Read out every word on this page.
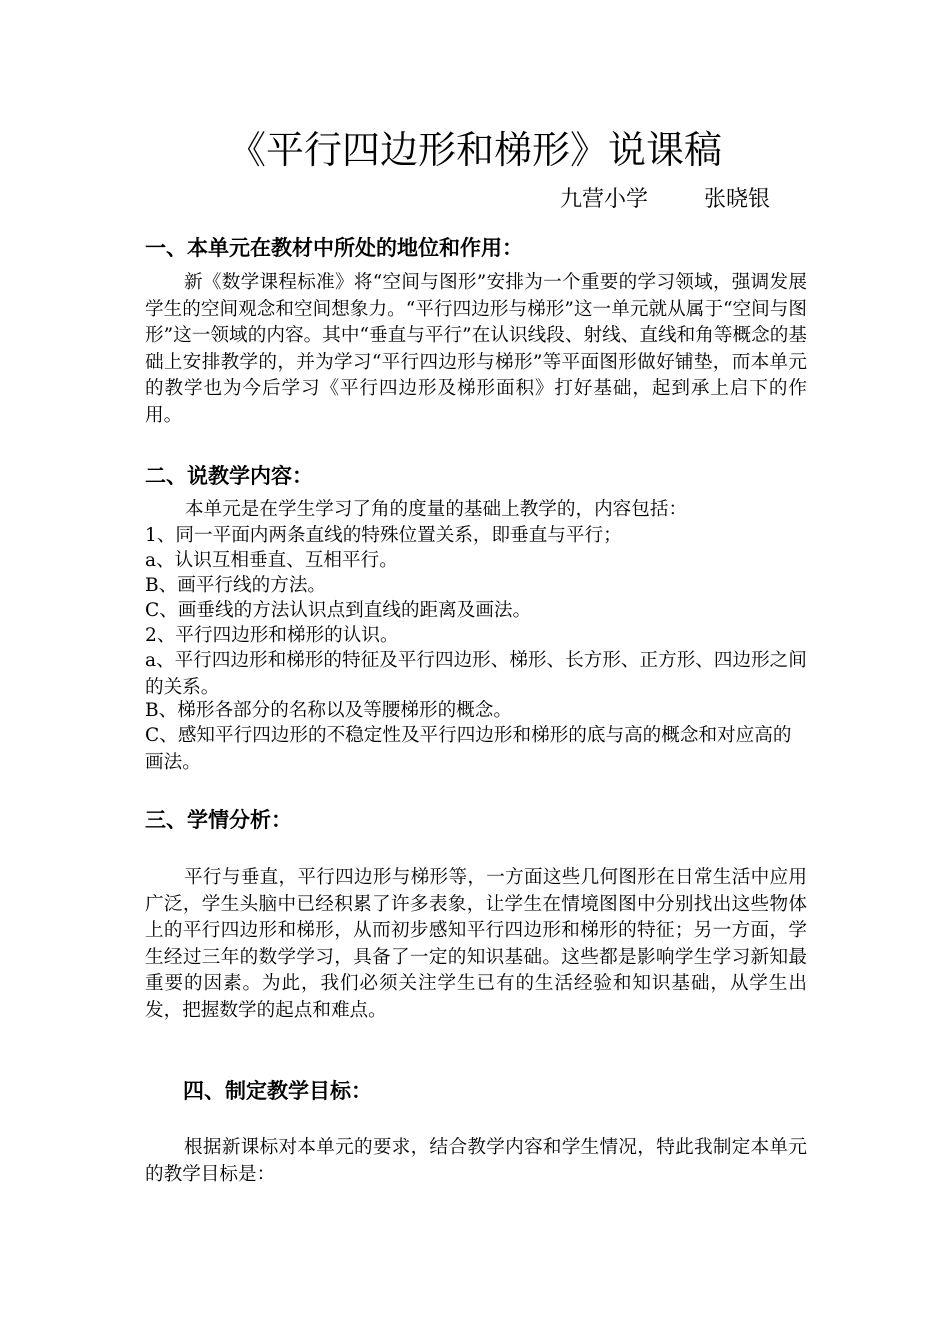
《平行四边形和梯形》说课稿
九营小学        张晓银
一、本单元在教材中所处的地位和作用：
新《数学课程标准》将“空间与图形”安排为一个重要的学习领域，强调发展学生的空间观念和空间想象力。“平行四边形与梯形”这一单元就从属于“空间与图形”这一领域的内容。其中“垂直与平行”在认识线段、射线、直线和角等概念的基础上安排教学的，并为学习“平行四边形与梯形”等平面图形做好铺垫，而本单元的教学也为今后学习《平行四边形及梯形面积》打好基础，起到承上启下的作用。
二、说教学内容：
本单元是在学生学习了角的度量的基础上教学的，内容包括：
1、同一平面内两条直线的特殊位置关系，即垂直与平行；
a、认识互相垂直、互相平行。
B、画平行线的方法。
C、画垂线的方法认识点到直线的距离及画法。
2、平行四边形和梯形的认识。
a、平行四边形和梯形的特征及平行四边形、梯形、长方形、正方形、四边形之间的关系。
B、梯形各部分的名称以及等腰梯形的概念。
C、感知平行四边形的不稳定性及平行四边形和梯形的底与高的概念和对应高的画法。
三、学情分析：
平行与垂直，平行四边形与梯形等，一方面这些几何图形在日常生活中应用广泛，学生头脑中已经积累了许多表象，让学生在情境图图中分别找出这些物体上的平行四边形和梯形，从而初步感知平行四边形和梯形的特征；另一方面，学生经过三年的数学学习，具备了一定的知识基础。这些都是影响学生学习新知最重要的因素。为此，我们必须关注学生已有的生活经验和知识基础，从学生出发，把握数学的起点和难点。
四、制定教学目标：
根据新课标对本单元的要求，结合教学内容和学生情况，特此我制定本单元的教学目标是：
